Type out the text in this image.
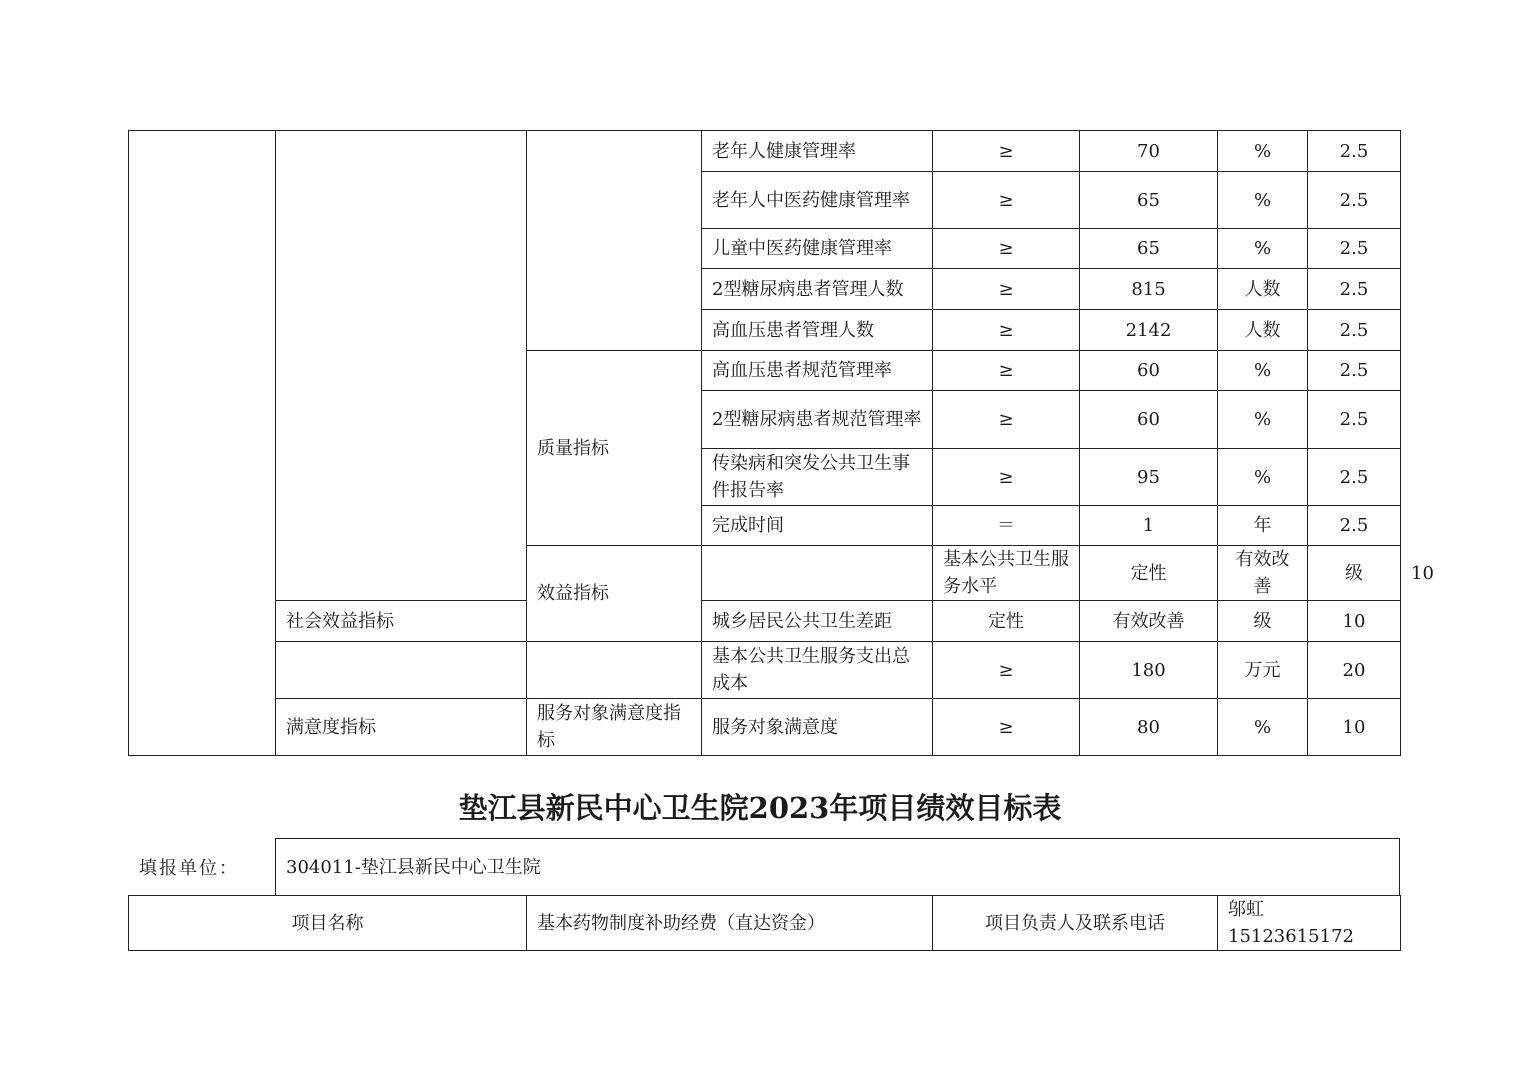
			老年人健康管理率	≥	70	%	2.5	
			老年人中医药健康管理率	≥	65	%	2.5	
			儿童中医药健康管理率	≥	65	%	2.5	
			2型糖尿病患者管理人数	≥	815	人数	2.5	
			高血压患者管理人数	≥	2142	人数	2.5	
		质量指标	高血压患者规范管理率	≥	60	%	2.5	
			2型糖尿病患者规范管理率	≥	60	%	2.5	
			传染病和突发公共卫生事件报告率	≥	95	%	2.5	
			完成时间	＝	1	年	2.5	
		效益指标		基本公共卫生服务水平	定性	有效改善	级	10
	社会效益指标		城乡居民公共卫生差距	定性	有效改善	级	10	
			基本公共卫生服务支出总成本	≥	180	万元	20	
	满意度指标	服务对象满意度指标	服务对象满意度	≥	80	%	10	
垫江县新民中心卫生院2023年项目绩效目标表
填报单位：	304011-垫江县新民中心卫生院
项目名称	基本药物制度补助经费（直达资金）	项目负责人及联系电话	邬虹 15123615172
